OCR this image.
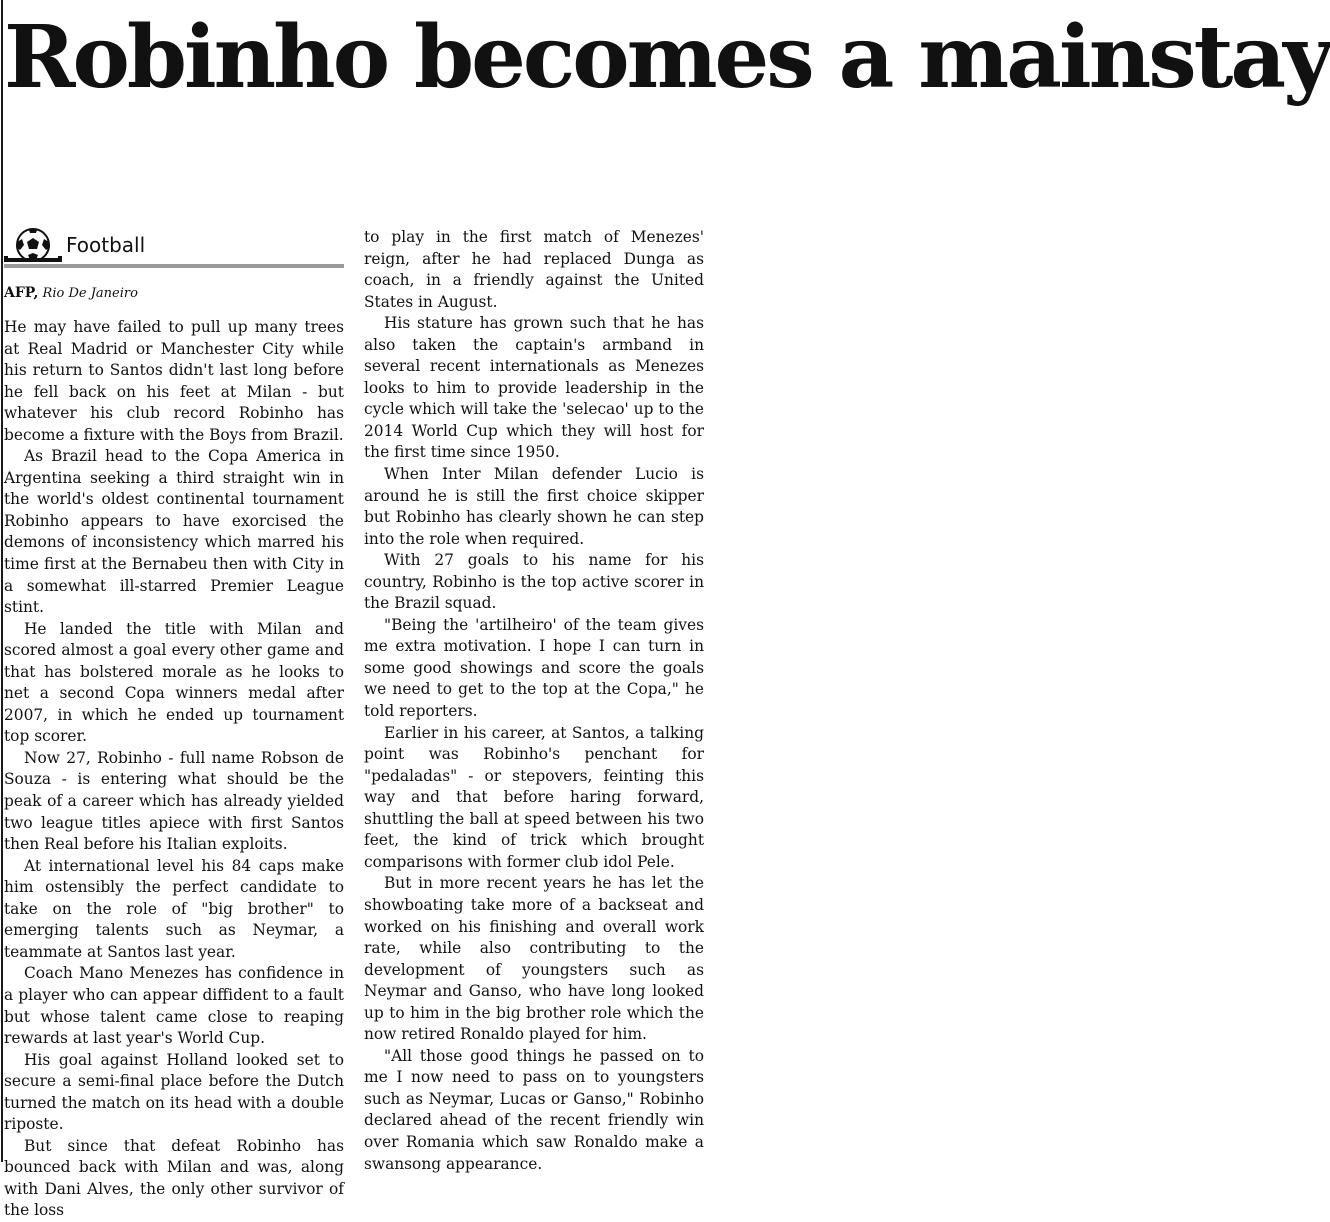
Robinho becomes a mainstay
Football
AFP, Rio De Janeiro

He may have failed to pull up many trees at Real Madrid or Manchester City while his return to Santos didn't last long before he fell back on his feet at Milan - but whatever his club record Robinho has become a fixture with the Boys from Brazil.

As Brazil head to the Copa America in Argentina seeking a third straight win in the world's oldest continental tournament Robinho appears to have exorcised the demons of inconsistency which marred his time first at the Bernabeu then with City in a somewhat ill-starred Premier League stint.

He landed the title with Milan and scored almost a goal every other game and that has bolstered morale as he looks to net a second Copa winners medal after 2007, in which he ended up tournament top scorer.

Now 27, Robinho - full name Robson de Souza - is entering what should be the peak of a career which has already yielded two league titles apiece with first Santos then Real before his Italian exploits.

At international level his 84 caps make him ostensibly the perfect candidate to take on the role of "big brother" to emerging talents such as Neymar, a teammate at Santos last year.

Coach Mano Menezes has confidence in a player who can appear diffident to a fault but whose talent came close to reaping rewards at last year's World Cup.

His goal against Holland looked set to secure a semi-final place before the Dutch turned the match on its head with a double riposte.

But since that defeat Robinho has bounced back with Milan and was, along with Dani Alves, the only other survivor of the loss

to play in the first match of Menezes' reign, after he had replaced Dunga as coach, in a friendly against the United States in August.

His stature has grown such that he has also taken the captain's armband in several recent internationals as Menezes looks to him to provide leadership in the cycle which will take the 'selecao' up to the 2014 World Cup which they will host for the first time since 1950.

When Inter Milan defender Lucio is around he is still the first choice skipper but Robinho has clearly shown he can step into the role when required.

With 27 goals to his name for his country, Robinho is the top active scorer in the Brazil squad.

"Being the 'artilheiro' of the team gives me extra motivation. I hope I can turn in some good showings and score the goals we need to get to the top at the Copa," he told reporters.

Earlier in his career, at Santos, a talking point was Robinho's penchant for "pedaladas" - or stepovers, feinting this way and that before haring forward, shuttling the ball at speed between his two feet, the kind of trick which brought comparisons with former club idol Pele.

But in more recent years he has let the showboating take more of a backseat and worked on his finishing and overall work rate, while also contributing to the development of youngsters such as Neymar and Ganso, who have long looked up to him in the big brother role which the now retired Ronaldo played for him.

"All those good things he passed on to me I now need to pass on to youngsters such as Neymar, Lucas or Ganso," Robinho declared ahead of the recent friendly win over Romania which saw Ronaldo make a swansong appearance.
